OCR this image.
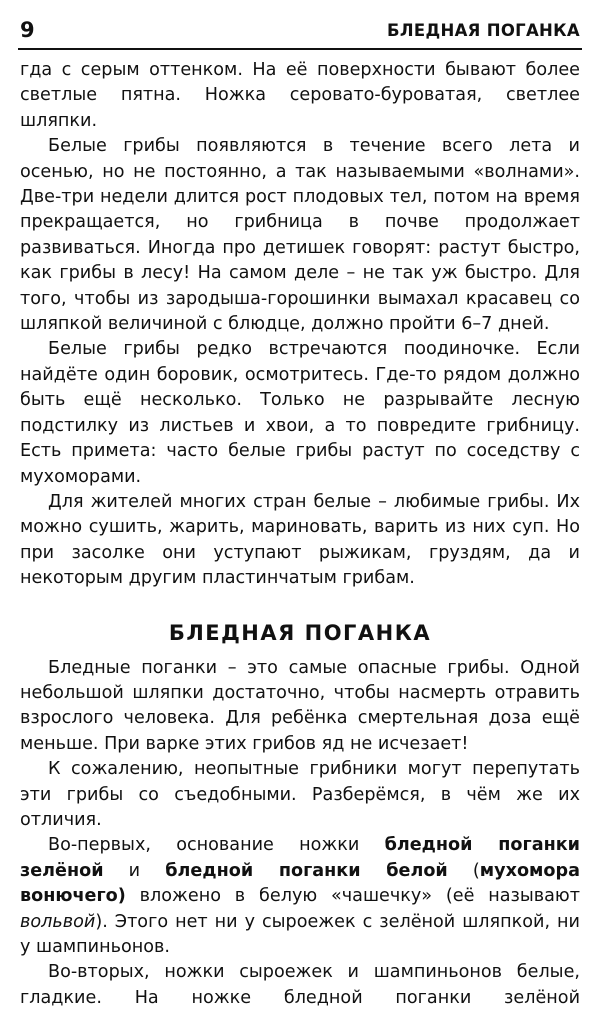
9	БЛЕДНАЯ ПОГАНКА

гда с серым оттенком. На её поверхности бывают более светлые пятна. Ножка серовато-буроватая, светлее шляпки.

Белые грибы появляются в течение всего лета и осенью, но не постоянно, а так называемыми «волнами». Две-три недели длится рост плодовых тел, потом на время прекращается, но грибница в почве продолжает развиваться. Иногда про детишек говорят: растут быстро, как грибы в лесу! На самом деле – не так уж быстро. Для того, чтобы из зародыша-горошинки вымахал красавец со шляпкой величиной с блюдце, должно пройти 6–7 дней.

Белые грибы редко встречаются поодиночке. Если найдёте один боровик, осмотритесь. Где-то рядом должно быть ещё несколько. Только не разрывайте лесную подстилку из листьев и хвои, а то повредите грибницу. Есть примета: часто белые грибы растут по соседству с мухоморами.

Для жителей многих стран белые – любимые грибы. Их можно сушить, жарить, мариновать, варить из них суп. Но при засолке они уступают рыжикам, груздям, да и некоторым другим пластинчатым грибам.

БЛЕДНАЯ ПОГАНКА

Бледные поганки – это самые опасные грибы. Одной небольшой шляпки достаточно, чтобы насмерть отравить взрослого человека. Для ребёнка смертельная доза ещё меньше. При варке этих грибов яд не исчезает!

К сожалению, неопытные грибники могут перепутать эти грибы со съедобными. Разберёмся, в чём же их отличия.

Во-первых, основание ножки бледной поганки зелёной и бледной поганки белой (мухомора вонючего) вложено в белую «чашечку» (её называют вольвой). Этого нет ни у сыроежек с зелёной шляпкой, ни у шампиньонов.

Во-вторых, ножки сыроежек и шампиньонов белые, гладкие. На ножке бледной поганки зелёной
